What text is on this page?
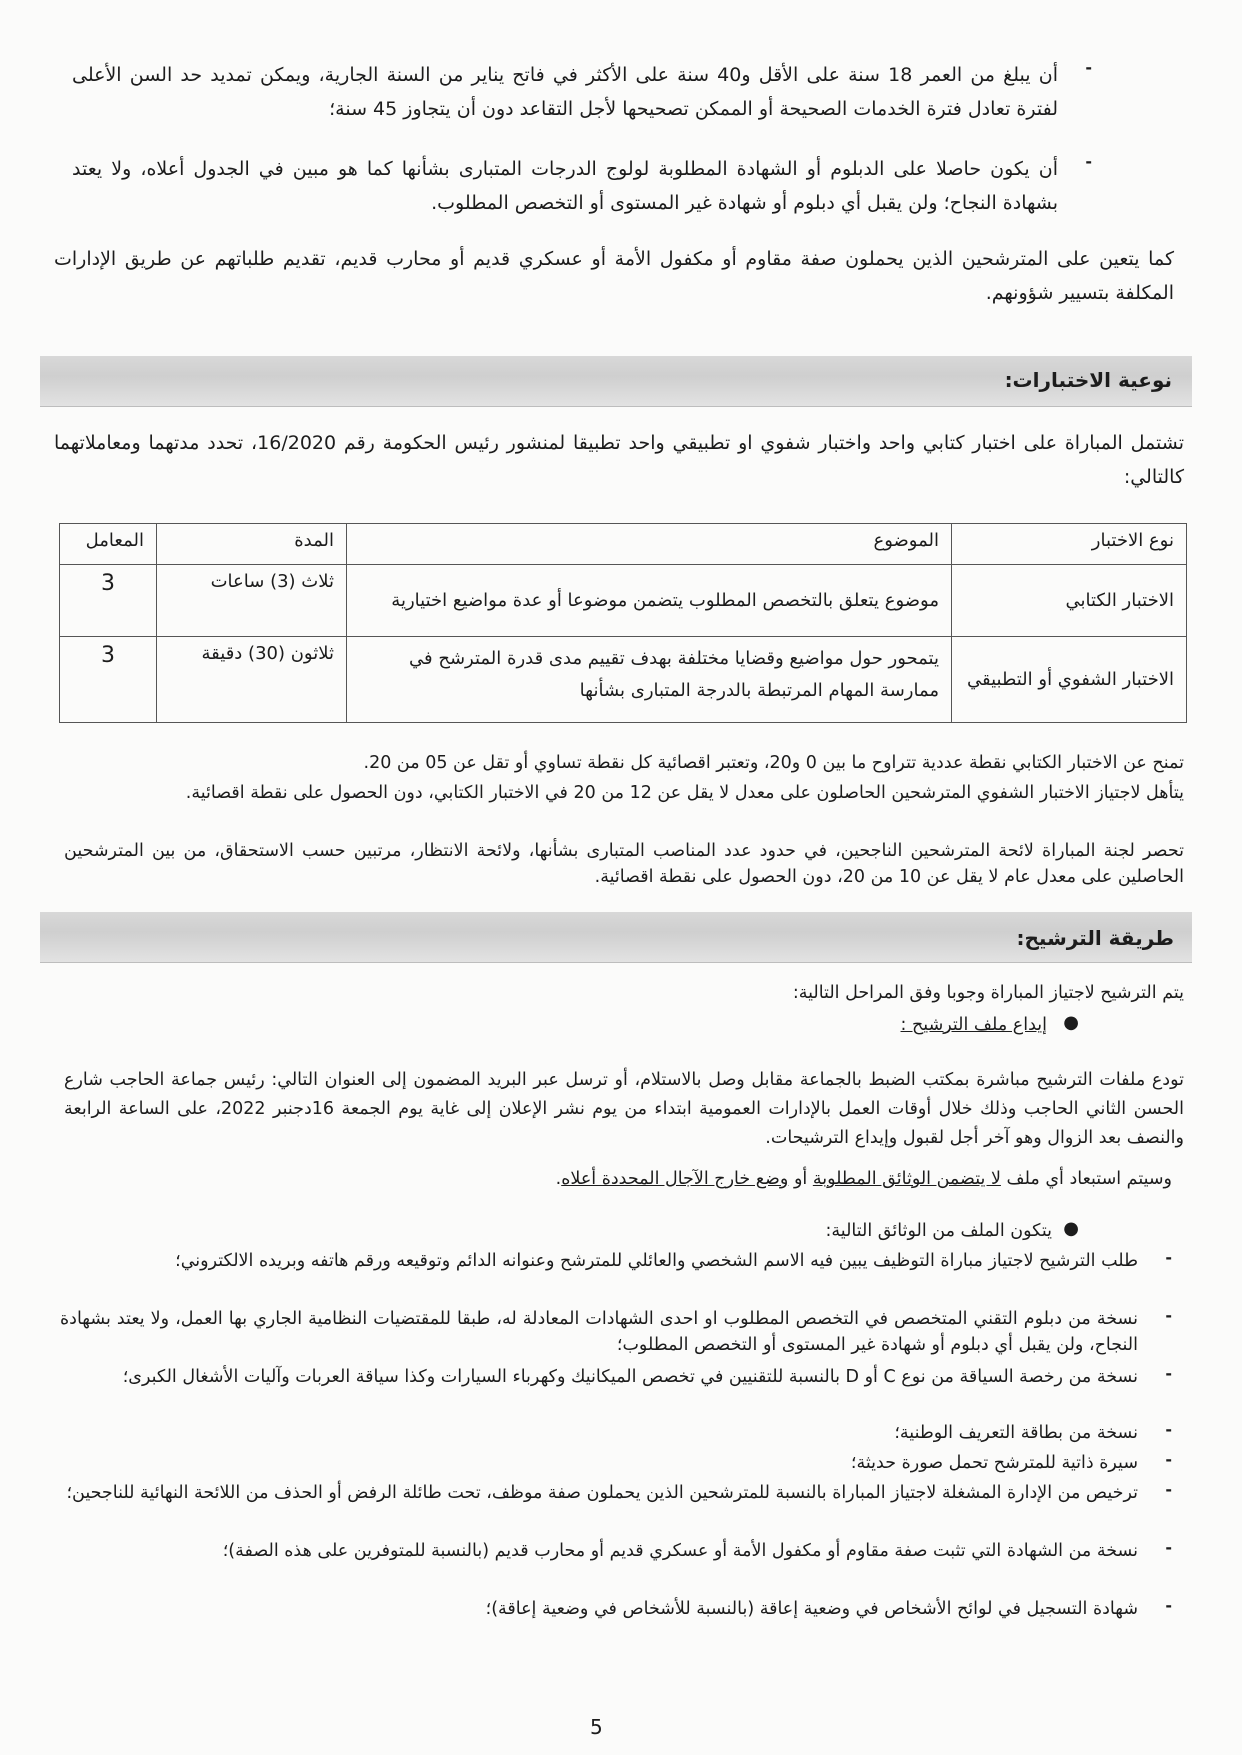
-

أن يبلغ من العمر 18 سنة على الأقل و40 سنة على الأكثر في فاتح يناير من السنة الجارية، ويمكن تمديد حد السن الأعلى لفترة تعادل فترة الخدمات الصحيحة أو الممكن تصحيحها لأجل التقاعد دون أن يتجاوز 45 سنة؛

-

أن يكون حاصلا على الدبلوم أو الشهادة المطلوبة لولوج الدرجات المتبارى بشأنها كما هو مبين في الجدول أعلاه، ولا يعتد بشهادة النجاح؛ ولن يقبل أي دبلوم أو شهادة غير المستوى أو التخصص المطلوب.

كما يتعين على المترشحين الذين يحملون صفة مقاوم أو مكفول الأمة أو عسكري قديم أو محارب قديم، تقديم طلباتهم عن طريق الإدارات المكلفة بتسيير شؤونهم.

نوعية الاختبارات:

تشتمل المباراة على اختبار كتابي واحد واختبار شفوي او تطبيقي واحد تطبيقا لمنشور رئيس الحكومة رقم 16/2020، تحدد مدتهما ومعاملاتهما كالتالي:

نوع الاختبار	الموضوع	المدة	المعامل
الاختبار الكتابي	موضوع يتعلق بالتخصص المطلوب يتضمن موضوعا أو عدة مواضيع اختيارية	ثلاث (3) ساعات	3
الاختبار الشفوي أو التطبيقي	يتمحور حول مواضيع وقضايا مختلفة بهدف تقييم مدى قدرة المترشح في ممارسة المهام المرتبطة بالدرجة المتبارى بشأنها	ثلاثون (30) دقيقة	3

تمنح عن الاختبار الكتابي نقطة عددية تتراوح ما بين 0 و20، وتعتبر اقصائية كل نقطة تساوي أو تقل عن 05 من 20.

يتأهل لاجتياز الاختبار الشفوي المترشحين الحاصلون على معدل لا يقل عن 12 من 20 في الاختبار الكتابي، دون الحصول على نقطة اقصائية.

تحصر لجنة المباراة لائحة المترشحين الناجحين، في حدود عدد المناصب المتبارى بشأنها، ولائحة الانتظار، مرتبين حسب الاستحقاق، من بين المترشحين الحاصلين على معدل عام لا يقل عن 10 من 20، دون الحصول على نقطة اقصائية.

طريقة الترشيح:

يتم الترشيح لاجتياز المباراة وجوبا وفق المراحل التالية:

●
إيداع ملف الترشيح :

تودع ملفات الترشيح مباشرة بمكتب الضبط بالجماعة مقابل وصل بالاستلام، أو ترسل عبر البريد المضمون إلى العنوان التالي: رئيس جماعة الحاجب شارع الحسن الثاني الحاجب وذلك خلال أوقات العمل بالإدارات العمومية ابتداء من يوم نشر الإعلان إلى غاية يوم الجمعة 16دجنبر 2022، على الساعة الرابعة والنصف بعد الزوال وهو آخر أجل لقبول وإيداع الترشيحات.

وسيتم استبعاد أي ملف لا يتضمن الوثائق المطلوبة أو وضع خارج الآجال المحددة أعلاه.

●
يتكون الملف من الوثائق التالية:
-

طلب الترشيح لاجتياز مباراة التوظيف يبين فيه الاسم الشخصي والعائلي للمترشح وعنوانه الدائم وتوقيعه ورقم هاتفه وبريده الالكتروني؛

-

نسخة من دبلوم التقني المتخصص في التخصص المطلوب او احدى الشهادات المعادلة له، طبقا للمقتضيات النظامية الجاري بها العمل، ولا يعتد بشهادة النجاح، ولن يقبل أي دبلوم أو شهادة غير المستوى أو التخصص المطلوب؛

-

نسخة من رخصة السياقة من نوع C أو D بالنسبة للتقنيين في تخصص الميكانيك وكهرباء السيارات وكذا سياقة العربات وآليات الأشغال الكبرى؛

-

نسخة من بطاقة التعريف الوطنية؛

-

سيرة ذاتية للمترشح تحمل صورة حديثة؛

-

ترخيص من الإدارة المشغلة لاجتياز المباراة بالنسبة للمترشحين الذين يحملون صفة موظف، تحت طائلة الرفض أو الحذف من اللائحة النهائية للناجحين؛

-

نسخة من الشهادة التي تثبت صفة مقاوم أو مكفول الأمة أو عسكري قديم أو محارب قديم (بالنسبة للمتوفرين على هذه الصفة)؛

-

شهادة التسجيل في لوائح الأشخاص في وضعية إعاقة (بالنسبة للأشخاص في وضعية إعاقة)؛

5
